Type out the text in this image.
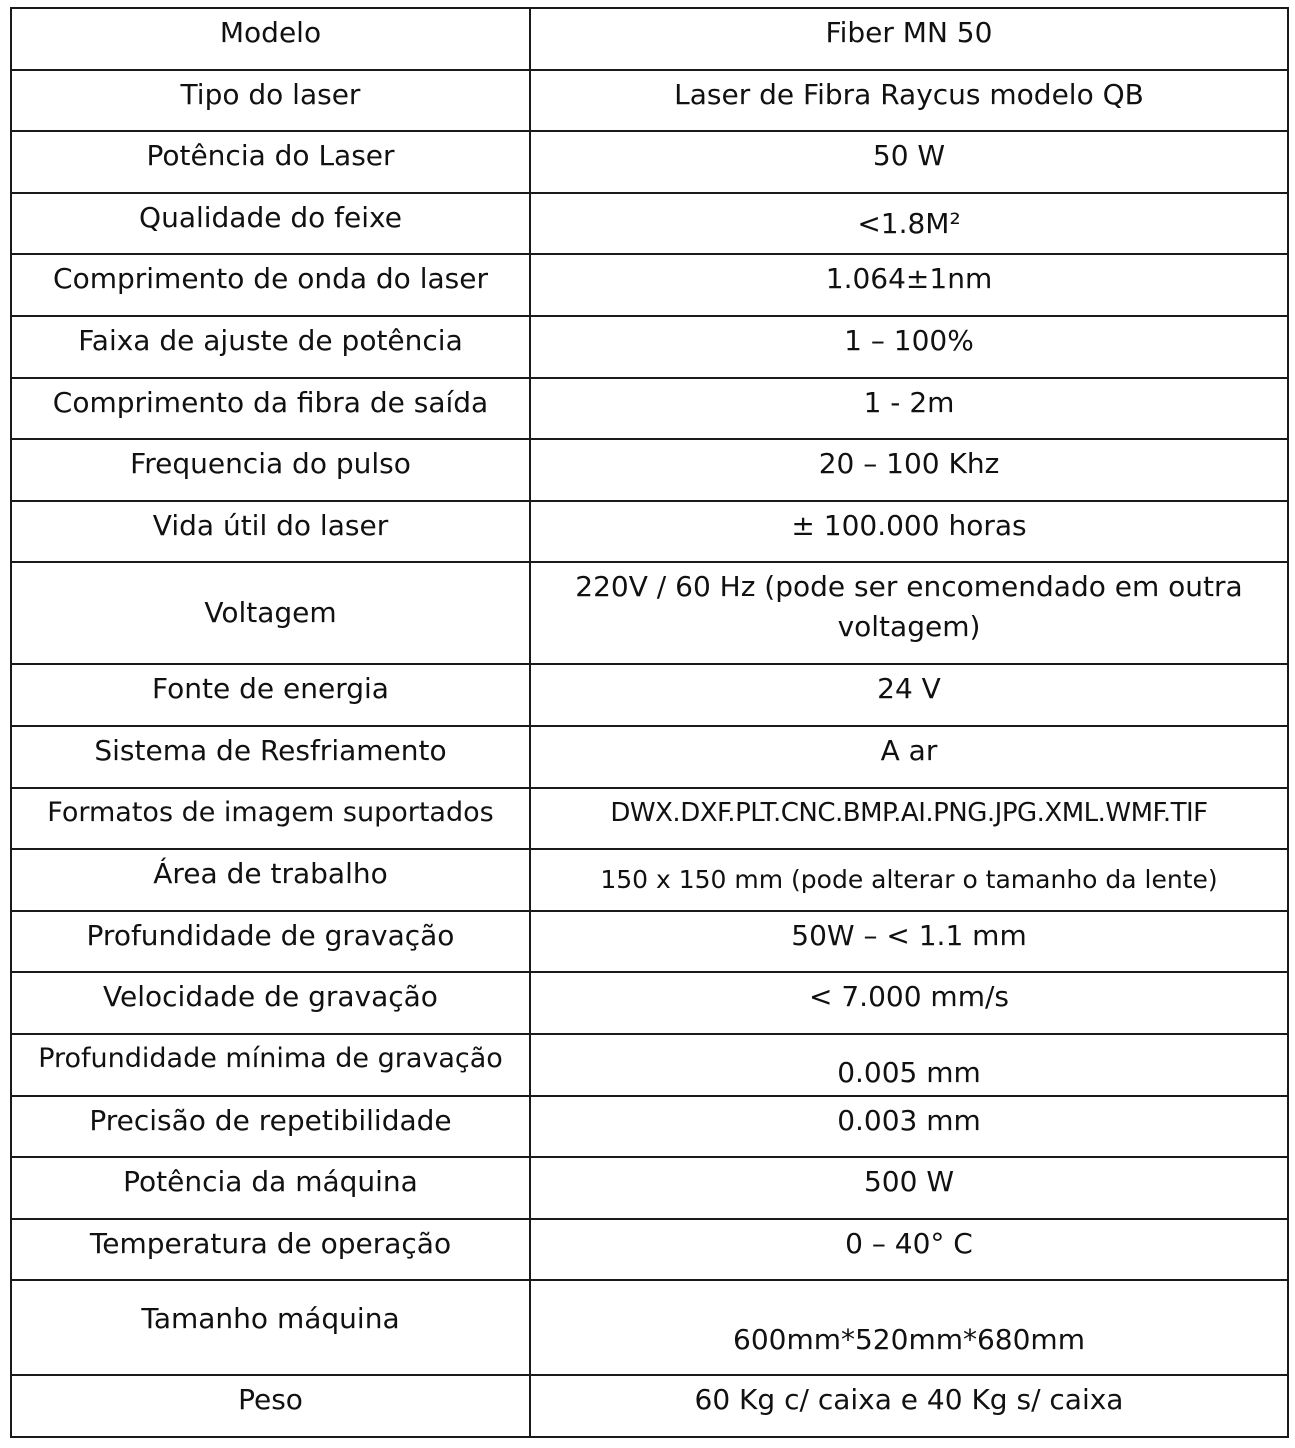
Modelo	Fiber MN 50
Tipo do laser	Laser de Fibra Raycus modelo QB
Potência do Laser	50 W
Qualidade do feixe	<1.8M²
Comprimento de onda do laser	1.064±1nm
Faixa de ajuste de potência	1 – 100%
Comprimento da fibra de saída	1 - 2m
Frequencia do pulso	20 – 100 Khz
Vida útil do laser	± 100.000 horas
Voltagem	220V / 60 Hz (pode ser encomendado em outra voltagem)
Fonte de energia	24 V
Sistema de Resfriamento	A ar
Formatos de imagem suportados	DWX.DXF.PLT.CNC.BMP.AI.PNG.JPG.XML.WMF.TIF
Área de trabalho	150 x 150 mm (pode alterar o tamanho da lente)
Profundidade de gravação	50W – < 1.1 mm
Velocidade de gravação	< 7.000 mm/s
Profundidade mínima de gravação	0.005 mm
Precisão de repetibilidade	0.003 mm
Potência da máquina	500 W
Temperatura de operação	0 – 40° C
Tamanho máquina	600mm*520mm*680mm
Peso	60 Kg c/ caixa e 40 Kg s/ caixa
